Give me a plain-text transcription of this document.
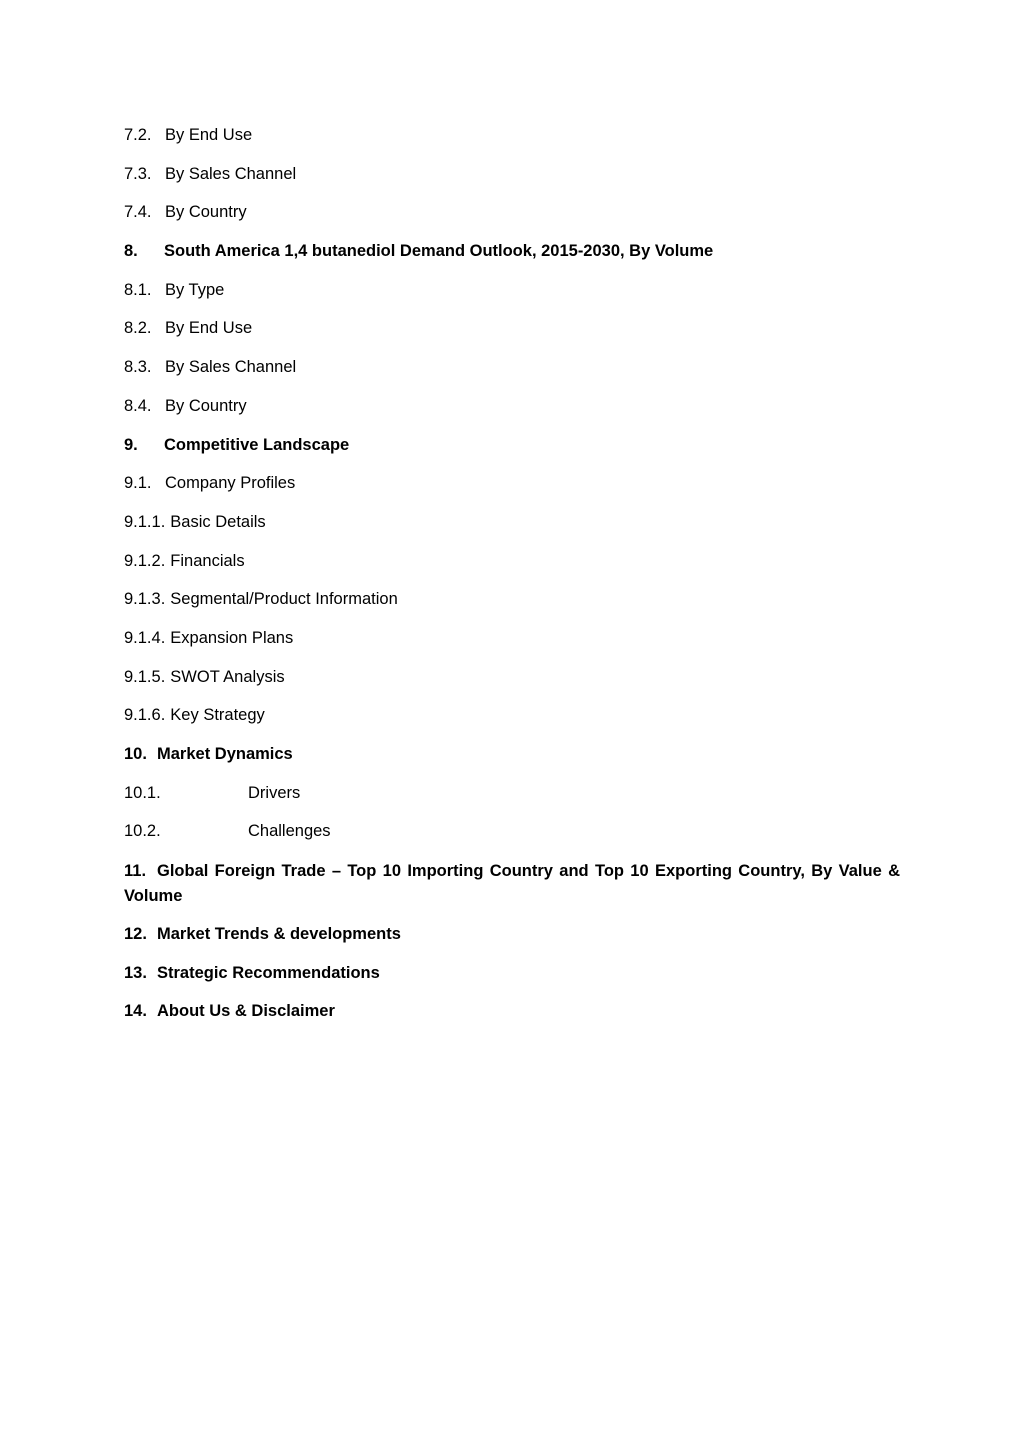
7.2. By End Use
7.3. By Sales Channel
7.4. By Country
8. South America 1,4 butanediol Demand Outlook, 2015-2030, By Volume
8.1. By Type
8.2. By End Use
8.3. By Sales Channel
8.4. By Country
9. Competitive Landscape
9.1. Company Profiles
9.1.1. Basic Details
9.1.2. Financials
9.1.3. Segmental/Product Information
9.1.4. Expansion Plans
9.1.5. SWOT Analysis
9.1.6. Key Strategy
10. Market Dynamics
10.1.	Drivers
10.2.	Challenges
11. Global Foreign Trade – Top 10 Importing Country and Top 10 Exporting Country, By Value & Volume
12. Market Trends & developments
13. Strategic Recommendations
14. About Us & Disclaimer
